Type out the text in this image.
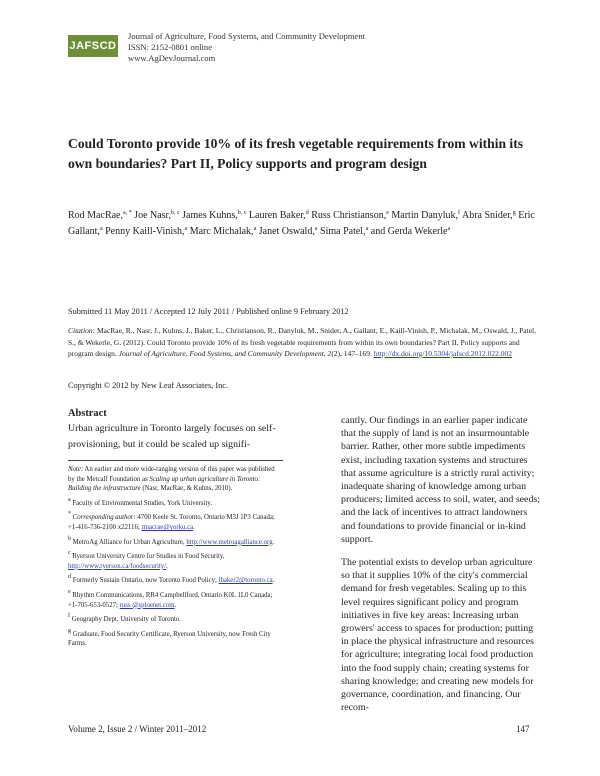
JAFSCD
Journal of Agriculture, Food Systems, and Community Development
ISSN: 2152-0801 online
www.AgDevJournal.com
Could Toronto provide 10% of its fresh vegetable requirements from within its own boundaries? Part II, Policy supports and program design
Rod MacRae,$^{a, *}$ Joe Nasr,$^{b, c}$ James Kuhns,$^{b, c}$ Lauren Baker,$^d$ Russ Christianson,$^e$ Martin Danyluk,$^f$ Abra Snider,$^g$ Eric Gallant,$^a$ Penny Kaill-Vinish,$^a$ Marc Michalak,$^a$ Janet Oswald,$^a$ Sima Patel,$^a$ and Gerda Wekerle$^a$
Submitted 11 May 2011 / Accepted 12 July 2011 / Published online 9 February 2012
Citation: MacRae, R., Nasr, J., Kuhns, J., Baker, L., Christianson, R., Danyluk, M., Snider, A., Gallant, E., Kaill-Vinish, P., Michalak, M., Oswald, J., Patel, S., & Wekerle, G. (2012). Could Toronto provide 10% of its fresh vegetable requirements from within its own boundaries? Part II, Policy supports and program design. Journal of Agriculture, Food Systems, and Community Development, 2(2), 147–169. http://dx.doi.org/10.5304/jafscd.2012.022.002
Copyright © 2012 by New Leaf Associates, Inc.
Abstract
Urban agriculture in Toronto largely focuses on self-provisioning, but it could be scaled up signifi-
Note: An earlier and more wide-ranging version of this paper was published by the Metcalf Foundation as Scaling up urban agriculture in Toronto: Building the infrastructure (Nasr, MacRae, & Kuhns, 2010).
$^a$ Faculty of Environmental Studies, York University.
* Corresponding author: 4700 Keele St. Toronto, Ontario M3J 1P3 Canada; +1-416-736-2100 x22116; rmacrae@yorku.ca.
$^b$ MetroAg Alliance for Urban Agriculture, http://www.metroagalliance.org.
$^c$ Ryerson University Centre for Studies in Food Security, http://www.ryerson.ca/foodsecurity/.
$^d$ Formerly Sustain Ontario, now Toronto Food Policy; lbaker2@toronto.ca.
$^e$ Rhythm Communications, RR4 Campbellford, Ontario K0L 1L0 Canada; +1-705-653-0527; russ @sploenet.com.
$^f$ Geography Dept. University of Toronto.
$^g$ Graduate, Food Security Certificate, Ryerson University, now Fresh City Farms.

cantly. Our findings in an earlier paper indicate that the supply of land is not an insurmountable barrier. Rather, other more subtle impediments exist, including taxation systems and structures that assume agriculture is a strictly rural activity; inadequate sharing of knowledge among urban producers; limited access to soil, water, and seeds; and the lack of incentives to attract landowners and foundations to provide financial or in-kind support.

The potential exists to develop urban agriculture so that it supplies 10% of the city's commercial demand for fresh vegetables. Scaling up to this level requires significant policy and program initiatives in five key areas: Increasing urban growers' access to spaces for production; putting in place the physical infrastructure and resources for agriculture; integrating local food production into the food supply chain; creating systems for sharing knowledge; and creating new models for governance, coordination, and financing. Our recom-

Volume 2, Issue 2 / Winter 2011–2012	147
